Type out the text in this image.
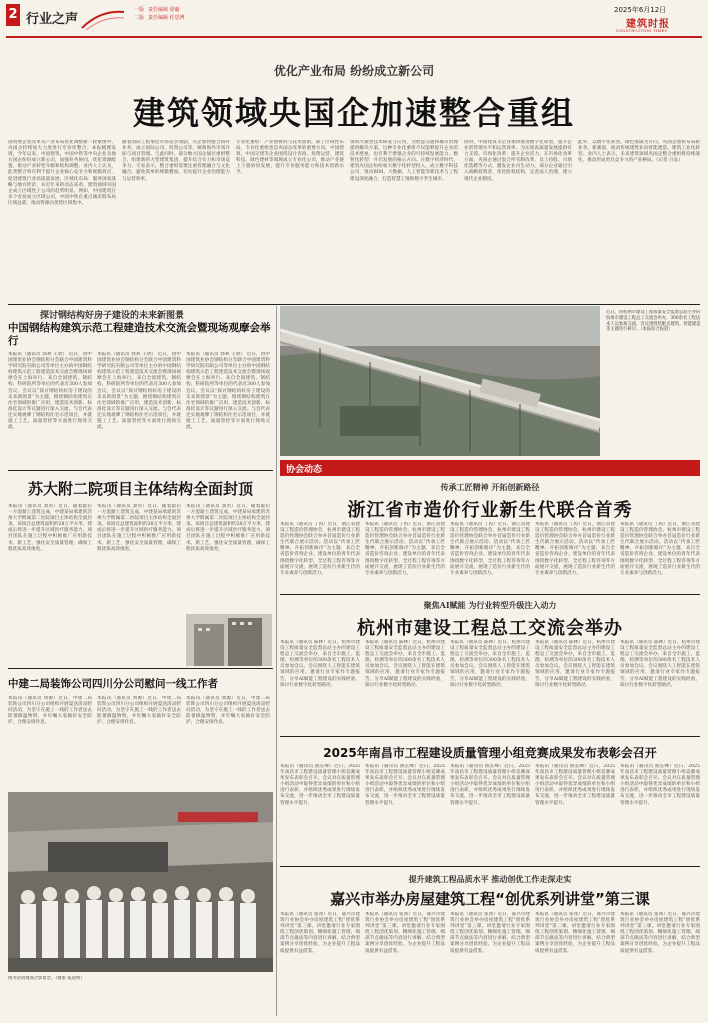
2 行业之声
一版 责任编辑 徐毅
二版 责任编辑 任思博
2025年6月12日
建筑时报
CONSTRUCTION TIMES
优化产业布局 纷纷成立新公司
建筑领域央国企加速整合重组
国资委企业改革及产业布局优化调整新一轮重组中，央国企持续加大力度进行专业化整合。本报梳理发现，今年以来，中国建筑、中国中铁等中央企业及地方国企纷纷成立新公司，加强业务协同，优化资源配置，推动产业转型升级和结构调整。业内人士认为，此类整合将有利于提升企业核心竞争力和规模效应，促进建筑行业高质量发展。区域化布局：服务国家战略与地方经济，从近年来的动态来看，建筑领域央国企成立区域性子公司的趋势明显。例如，中国建筑在多个省份成立区域公司，中国中铁在重点城市群布局区域总部，推动资源向优势区域集中。
随着国际工程承包市场竞争加剧，央企加快整合海外业务，成立国际公司、投资公司等，统筹海外市场开拓与项目管理。与此同时，部分地方国企通过重组整合，组建新的大型建筑集团，提升综合实力和市场竞争力。专家表示，整合重组需要注重管理融合与文化融合，避免简单的规模叠加，切实提升企业治理能力与运营效率。
专业化重组：产业链协同与技术创新。除了区域性布局，专业化重组也是央国企改革的重要方向。中国建筑、中国交建等企业围绕设计咨询、投资运营、建筑科技、绿色建材等领域成立专业化公司，推动产业链上下游协同发展，提升专业服务能力和技术创新水平。
领域大模型技术研发与应用，为智慧交通和城市治理提供解决方案。这种专业化重组不仅能够提升企业的技术壁垒，也有利于增强企业的可持续发展能力。数智化转型：开启发展的核心方向。在数字经济时代，建筑央国企纷纷加大数字化转型投入，成立数字科技公司，推动BIM、大数据、人工智能等新技术与工程建设深度融合，打造智慧工地和数字孪生城市。
同时，中国建筑等企业加快推进数字化转型，提升企业的管理水平和运营效率，为实现高质量发展提供有力支撑。市场化改革：提升企业活力。在市场化改革方面，央国企通过混合所有制改革、员工持股、市场化选聘等方式，激发企业内生动力。部分企业通过引入战略投资者，优化股权结构，完善法人治理，建立现代企业制度。
此外，以数字化转型、绿色低碳为方向，央国企加快布局新业务、新赛道，推动传统建筑业向智能建造、建筑工业化转型。业内人士表示，未来建筑领域央国企整合重组将持续深化，推动形成更具竞争力的产业格局。（记者 吕品）
探讨钢结构好房子建设的未来新图景
中国钢结构建筑示范工程建造技术交流会暨现场观摩会举行
本报讯（通讯员 郭利 王欣） 近日，由中国建筑业协会钢结构分会联合中国建筑科学研究院有限公司等单位主办的中国钢结构建筑示范工程建造技术交流会暨现场观摩会在上海举行。来自全国建筑、钢结构、科研院所等单位的代表近300人参加会议。会议以“探讨钢结构好房子建设的未来新图景”为主题，围绕钢结构建筑在住宅领域的推广应用、建造技术创新、标准化设计等议题进行深入交流。与会代表还实地观摩了钢结构住宅示范项目，并就施工工艺、质量管控等方面进行现场交流。
本报讯（通讯员 郭利 王欣） 近日，由中国建筑业协会钢结构分会联合中国建筑科学研究院有限公司等单位主办的中国钢结构建筑示范工程建造技术交流会暨现场观摩会在上海举行。来自全国建筑、钢结构、科研院所等单位的代表近300人参加会议。会议以“探讨钢结构好房子建设的未来新图景”为主题，围绕钢结构建筑在住宅领域的推广应用、建造技术创新、标准化设计等议题进行深入交流。与会代表还实地观摩了钢结构住宅示范项目，并就施工工艺、质量管控等方面进行现场交流。
本报讯（通讯员 郭利 王欣） 近日，由中国建筑业协会钢结构分会联合中国建筑科学研究院有限公司等单位主办的中国钢结构建筑示范工程建造技术交流会暨现场观摩会在上海举行。来自全国建筑、钢结构、科研院所等单位的代表近300人参加会议。会议以“探讨钢结构好房子建设的未来新图景”为主题，围绕钢结构建筑在住宅领域的推广应用、建造技术创新、标准化设计等议题进行深入交流。与会代表还实地观摩了钢结构住宅示范项目，并就施工工艺、质量管控等方面进行现场交流。
近日，由杭州市建设工程质量安全监督总站主办的杭州市建设工程总工交流会举办，300余名工程技术人员参加交流，会议围绕装配式建筑、智能建造等主题进行研讨。（本报综合报道）
苏大附二院项目主体结构全面封顶
本报讯（通讯员 萧君）近日，随着最后一方混凝土浇筑完成，中建某局承建的苏州大学附属第二医院项目主体结构全面封顶。该项目总建筑面积约28万平方米，建成后将进一步提升区域医疗服务能力。项目团队在施工过程中积极推广应用新技术、新工艺，强化安全质量管理，确保工程优质高效推进。
本报讯（通讯员 萧君）近日，随着最后一方混凝土浇筑完成，中建某局承建的苏州大学附属第二医院项目主体结构全面封顶。该项目总建筑面积约28万平方米，建成后将进一步提升区域医疗服务能力。项目团队在施工过程中积极推广应用新技术、新工艺，强化安全质量管理，确保工程优质高效推进。
本报讯（通讯员 萧君）近日，随着最后一方混凝土浇筑完成，中建某局承建的苏州大学附属第二医院项目主体结构全面封顶。该项目总建筑面积约28万平方米，建成后将进一步提升区域医疗服务能力。项目团队在施工过程中积极推广应用新技术、新工艺，强化安全质量管理，确保工程优质高效推进。
中建二局装饰公司四川分公司慰问一线工作者
本报讯（通讯员 周源）近日，中建二局装饰公司四川分公司组织开展夏送清凉慰问活动，为坚守在施工一线的工作者送去防暑降温物资，并叮嘱大家做好安全防护，合理安排作息。
本报讯（通讯员 周源）近日，中建二局装饰公司四川分公司组织开展夏送清凉慰问活动，为坚守在施工一线的工作者送去防暑降温物资，并叮嘱大家做好安全防护，合理安排作息。
本报讯（通讯员 周源）近日，中建二局装饰公司四川分公司组织开展夏送清凉慰问活动，为坚守在施工一线的工作者送去防暑降温物资，并叮嘱大家做好安全防护，合理安排作息。
图为活动现场合影留念。（摄影 报道组）
协会动态
传承工匠精神 开拓创新路径
浙江省市造价行业新生代联合首秀
本报讯（通讯员 丁再）近日，浙江省建设工程造价管理协会、杭州市建设工程造价管理协会联合举办首届造价行业新生代联合展示活动。活动以“传承工匠精神、开拓创新路径”为主题，来自全省造价咨询企业、建设单位的青年代表围绕数字化转型、全过程工程咨询等方面展开交流，展现了造价行业新生代的专业素养与创新活力。
本报讯（通讯员 丁再）近日，浙江省建设工程造价管理协会、杭州市建设工程造价管理协会联合举办首届造价行业新生代联合展示活动。活动以“传承工匠精神、开拓创新路径”为主题，来自全省造价咨询企业、建设单位的青年代表围绕数字化转型、全过程工程咨询等方面展开交流，展现了造价行业新生代的专业素养与创新活力。
本报讯（通讯员 丁再）近日，浙江省建设工程造价管理协会、杭州市建设工程造价管理协会联合举办首届造价行业新生代联合展示活动。活动以“传承工匠精神、开拓创新路径”为主题，来自全省造价咨询企业、建设单位的青年代表围绕数字化转型、全过程工程咨询等方面展开交流，展现了造价行业新生代的专业素养与创新活力。
本报讯（通讯员 丁再）近日，浙江省建设工程造价管理协会、杭州市建设工程造价管理协会联合举办首届造价行业新生代联合展示活动。活动以“传承工匠精神、开拓创新路径”为主题，来自全省造价咨询企业、建设单位的青年代表围绕数字化转型、全过程工程咨询等方面展开交流，展现了造价行业新生代的专业素养与创新活力。
本报讯（通讯员 丁再）近日，浙江省建设工程造价管理协会、杭州市建设工程造价管理协会联合举办首届造价行业新生代联合展示活动。活动以“传承工匠精神、开拓创新路径”为主题，来自全省造价咨询企业、建设单位的青年代表围绕数字化转型、全过程工程咨询等方面展开交流，展现了造价行业新生代的专业素养与创新活力。
聚焦AI赋能 为行业转型升级注入动力
杭州市建设工程总工交流会举办
本报讯（通讯员 陈林）近日，杭州市建设工程质量安全监督总站主办的建设工程总工交流会举办，来自全市施工、监理、检测等单位的300余名工程技术人员参加会议。会议围绕人工智能在建筑领域的应用，邀请行业专家作专题报告，分享AI赋能工程建设的实践经验，探讨行业数字化转型路径。
本报讯（通讯员 陈林）近日，杭州市建设工程质量安全监督总站主办的建设工程总工交流会举办，来自全市施工、监理、检测等单位的300余名工程技术人员参加会议。会议围绕人工智能在建筑领域的应用，邀请行业专家作专题报告，分享AI赋能工程建设的实践经验，探讨行业数字化转型路径。
本报讯（通讯员 陈林）近日，杭州市建设工程质量安全监督总站主办的建设工程总工交流会举办，来自全市施工、监理、检测等单位的300余名工程技术人员参加会议。会议围绕人工智能在建筑领域的应用，邀请行业专家作专题报告，分享AI赋能工程建设的实践经验，探讨行业数字化转型路径。
本报讯（通讯员 陈林）近日，杭州市建设工程质量安全监督总站主办的建设工程总工交流会举办，来自全市施工、监理、检测等单位的300余名工程技术人员参加会议。会议围绕人工智能在建筑领域的应用，邀请行业专家作专题报告，分享AI赋能工程建设的实践经验，探讨行业数字化转型路径。
本报讯（通讯员 陈林）近日，杭州市建设工程质量安全监督总站主办的建设工程总工交流会举办，来自全市施工、监理、检测等单位的300余名工程技术人员参加会议。会议围绕人工智能在建筑领域的应用，邀请行业专家作专题报告，分享AI赋能工程建设的实践经验，探讨行业数字化转型路径。
2025年南昌市工程建设质量管理小组竞赛成果发布表彰会召开
本报讯（通讯员 熊长峰）近日，2025年南昌市工程建设质量管理小组竞赛成果发布表彰会召开。会议对在质量管理小组活动中取得优异成绩的单位和小组进行表彰，并组织优秀成果进行现场发布交流，进一步推动全市工程建设质量管理水平提升。
本报讯（通讯员 熊长峰）近日，2025年南昌市工程建设质量管理小组竞赛成果发布表彰会召开。会议对在质量管理小组活动中取得优异成绩的单位和小组进行表彰，并组织优秀成果进行现场发布交流，进一步推动全市工程建设质量管理水平提升。
本报讯（通讯员 熊长峰）近日，2025年南昌市工程建设质量管理小组竞赛成果发布表彰会召开。会议对在质量管理小组活动中取得优异成绩的单位和小组进行表彰，并组织优秀成果进行现场发布交流，进一步推动全市工程建设质量管理水平提升。
本报讯（通讯员 熊长峰）近日，2025年南昌市工程建设质量管理小组竞赛成果发布表彰会召开。会议对在质量管理小组活动中取得优异成绩的单位和小组进行表彰，并组织优秀成果进行现场发布交流，进一步推动全市工程建设质量管理水平提升。
本报讯（通讯员 熊长峰）近日，2025年南昌市工程建设质量管理小组竞赛成果发布表彰会召开。会议对在质量管理小组活动中取得优异成绩的单位和小组进行表彰，并组织优秀成果进行现场发布交流，进一步推动全市工程建设质量管理水平提升。
提升建筑工程品质水平 推动创优工作走深走实
嘉兴市举办房屋建筑工程“创优系列讲堂”第三课
本报讯（通讯员 张冰）近日，嘉兴市建筑行业协会举办房屋建筑工程“创优系列讲堂”第三课。讲堂邀请行业专家围绕工程创优策划、精细化施工管理、细部节点做法等内容进行讲解，结合典型案例分享创优经验，为企业提升工程品质提供有益借鉴。
本报讯（通讯员 张冰）近日，嘉兴市建筑行业协会举办房屋建筑工程“创优系列讲堂”第三课。讲堂邀请行业专家围绕工程创优策划、精细化施工管理、细部节点做法等内容进行讲解，结合典型案例分享创优经验，为企业提升工程品质提供有益借鉴。
本报讯（通讯员 张冰）近日，嘉兴市建筑行业协会举办房屋建筑工程“创优系列讲堂”第三课。讲堂邀请行业专家围绕工程创优策划、精细化施工管理、细部节点做法等内容进行讲解，结合典型案例分享创优经验，为企业提升工程品质提供有益借鉴。
本报讯（通讯员 张冰）近日，嘉兴市建筑行业协会举办房屋建筑工程“创优系列讲堂”第三课。讲堂邀请行业专家围绕工程创优策划、精细化施工管理、细部节点做法等内容进行讲解，结合典型案例分享创优经验，为企业提升工程品质提供有益借鉴。
本报讯（通讯员 张冰）近日，嘉兴市建筑行业协会举办房屋建筑工程“创优系列讲堂”第三课。讲堂邀请行业专家围绕工程创优策划、精细化施工管理、细部节点做法等内容进行讲解，结合典型案例分享创优经验，为企业提升工程品质提供有益借鉴。
